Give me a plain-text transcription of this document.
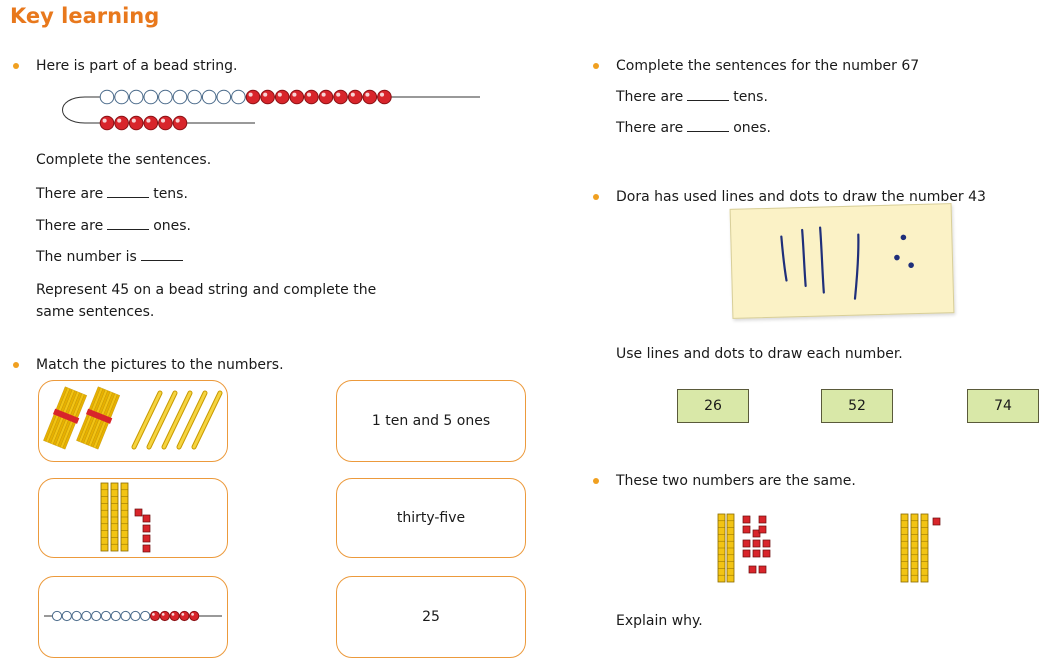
Key learning
Here is part of a bead string.
Complete the sentences.
There are	tens.
There are	ones.
The number is
Represent 45 on a bead string and complete the
same sentences.
Match the pictures to the numbers.
1 ten and 5 ones
thirty-five
25
Complete the sentences for the number 67
There are	tens.
There are	ones.
Dora has used lines and dots to draw the number 43
Use lines and dots to draw each number.
26	52	74
These two numbers are the same.
Explain why.
